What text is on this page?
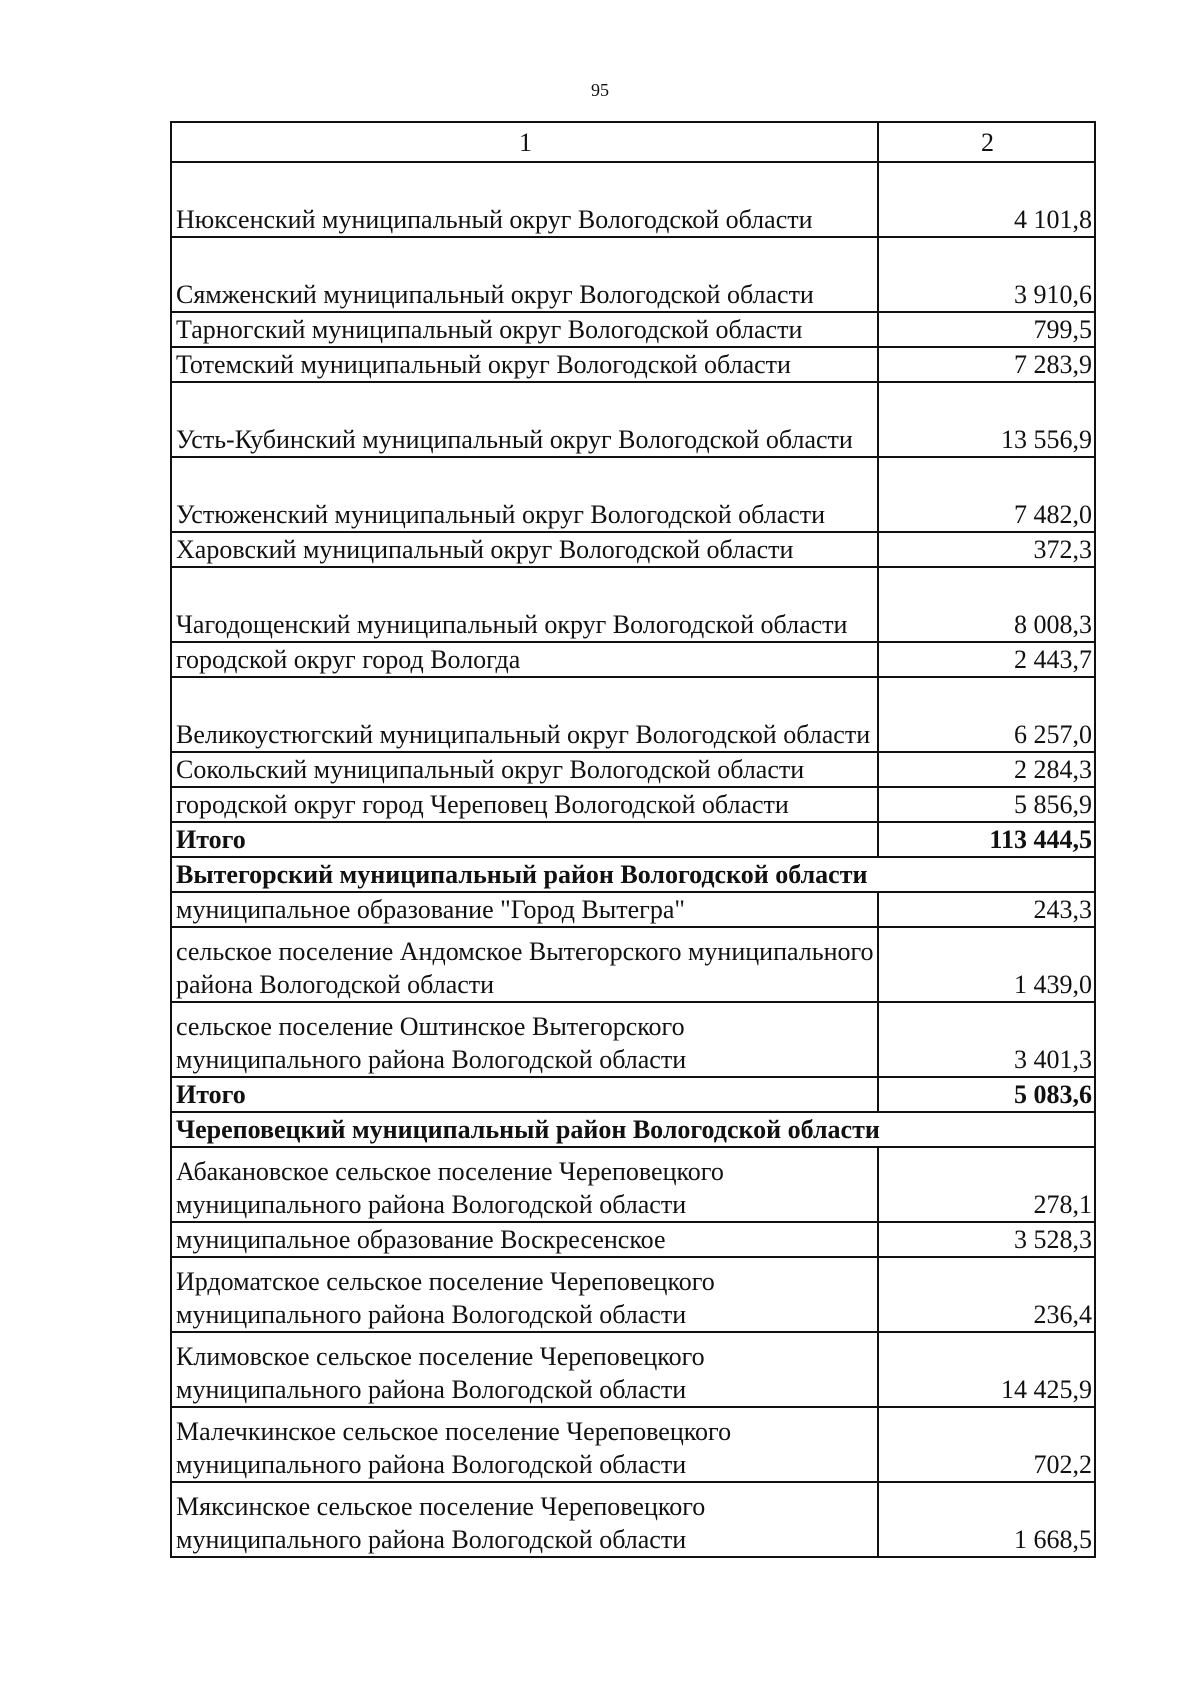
95
1	2
Нюксенский муниципальный округ Вологодской области	4 101,8
Сямженский муниципальный округ Вологодской области	3 910,6
Тарногский муниципальный округ Вологодской области	799,5
Тотемский муниципальный округ Вологодской области	7 283,9
Усть-Кубинский муниципальный округ Вологодской области	13 556,9
Устюженский муниципальный округ Вологодской области	7 482,0
Харовский муниципальный округ Вологодской области	372,3
Чагодощенский муниципальный округ Вологодской области	8 008,3
городской округ город Вологда	2 443,7
Великоустюгский муниципальный округ Вологодской области	6 257,0
Сокольский муниципальный округ Вологодской области	2 284,3
городской округ город Череповец Вологодской области	5 856,9
Итого	113 444,5
Вытегорский муниципальный район Вологодской области	
муниципальное образование "Город Вытегра"	243,3
сельское поселение Андомское Вытегорского муниципального района Вологодской области	1 439,0
сельское поселение Оштинское Вытегорского муниципального района Вологодской области	3 401,3
Итого	5 083,6
Череповецкий муниципальный район Вологодской области	
Абакановское сельское поселение Череповецкого муниципального района Вологодской области	278,1
муниципальное образование Воскресенское	3 528,3
Ирдоматское сельское поселение Череповецкого муниципального района Вологодской области	236,4
Климовское сельское поселение Череповецкого муниципального района Вологодской области	14 425,9
Малечкинское сельское поселение Череповецкого муниципального района Вологодской области	702,2
Мяксинское сельское поселение Череповецкого муниципального района Вологодской области	1 668,5
